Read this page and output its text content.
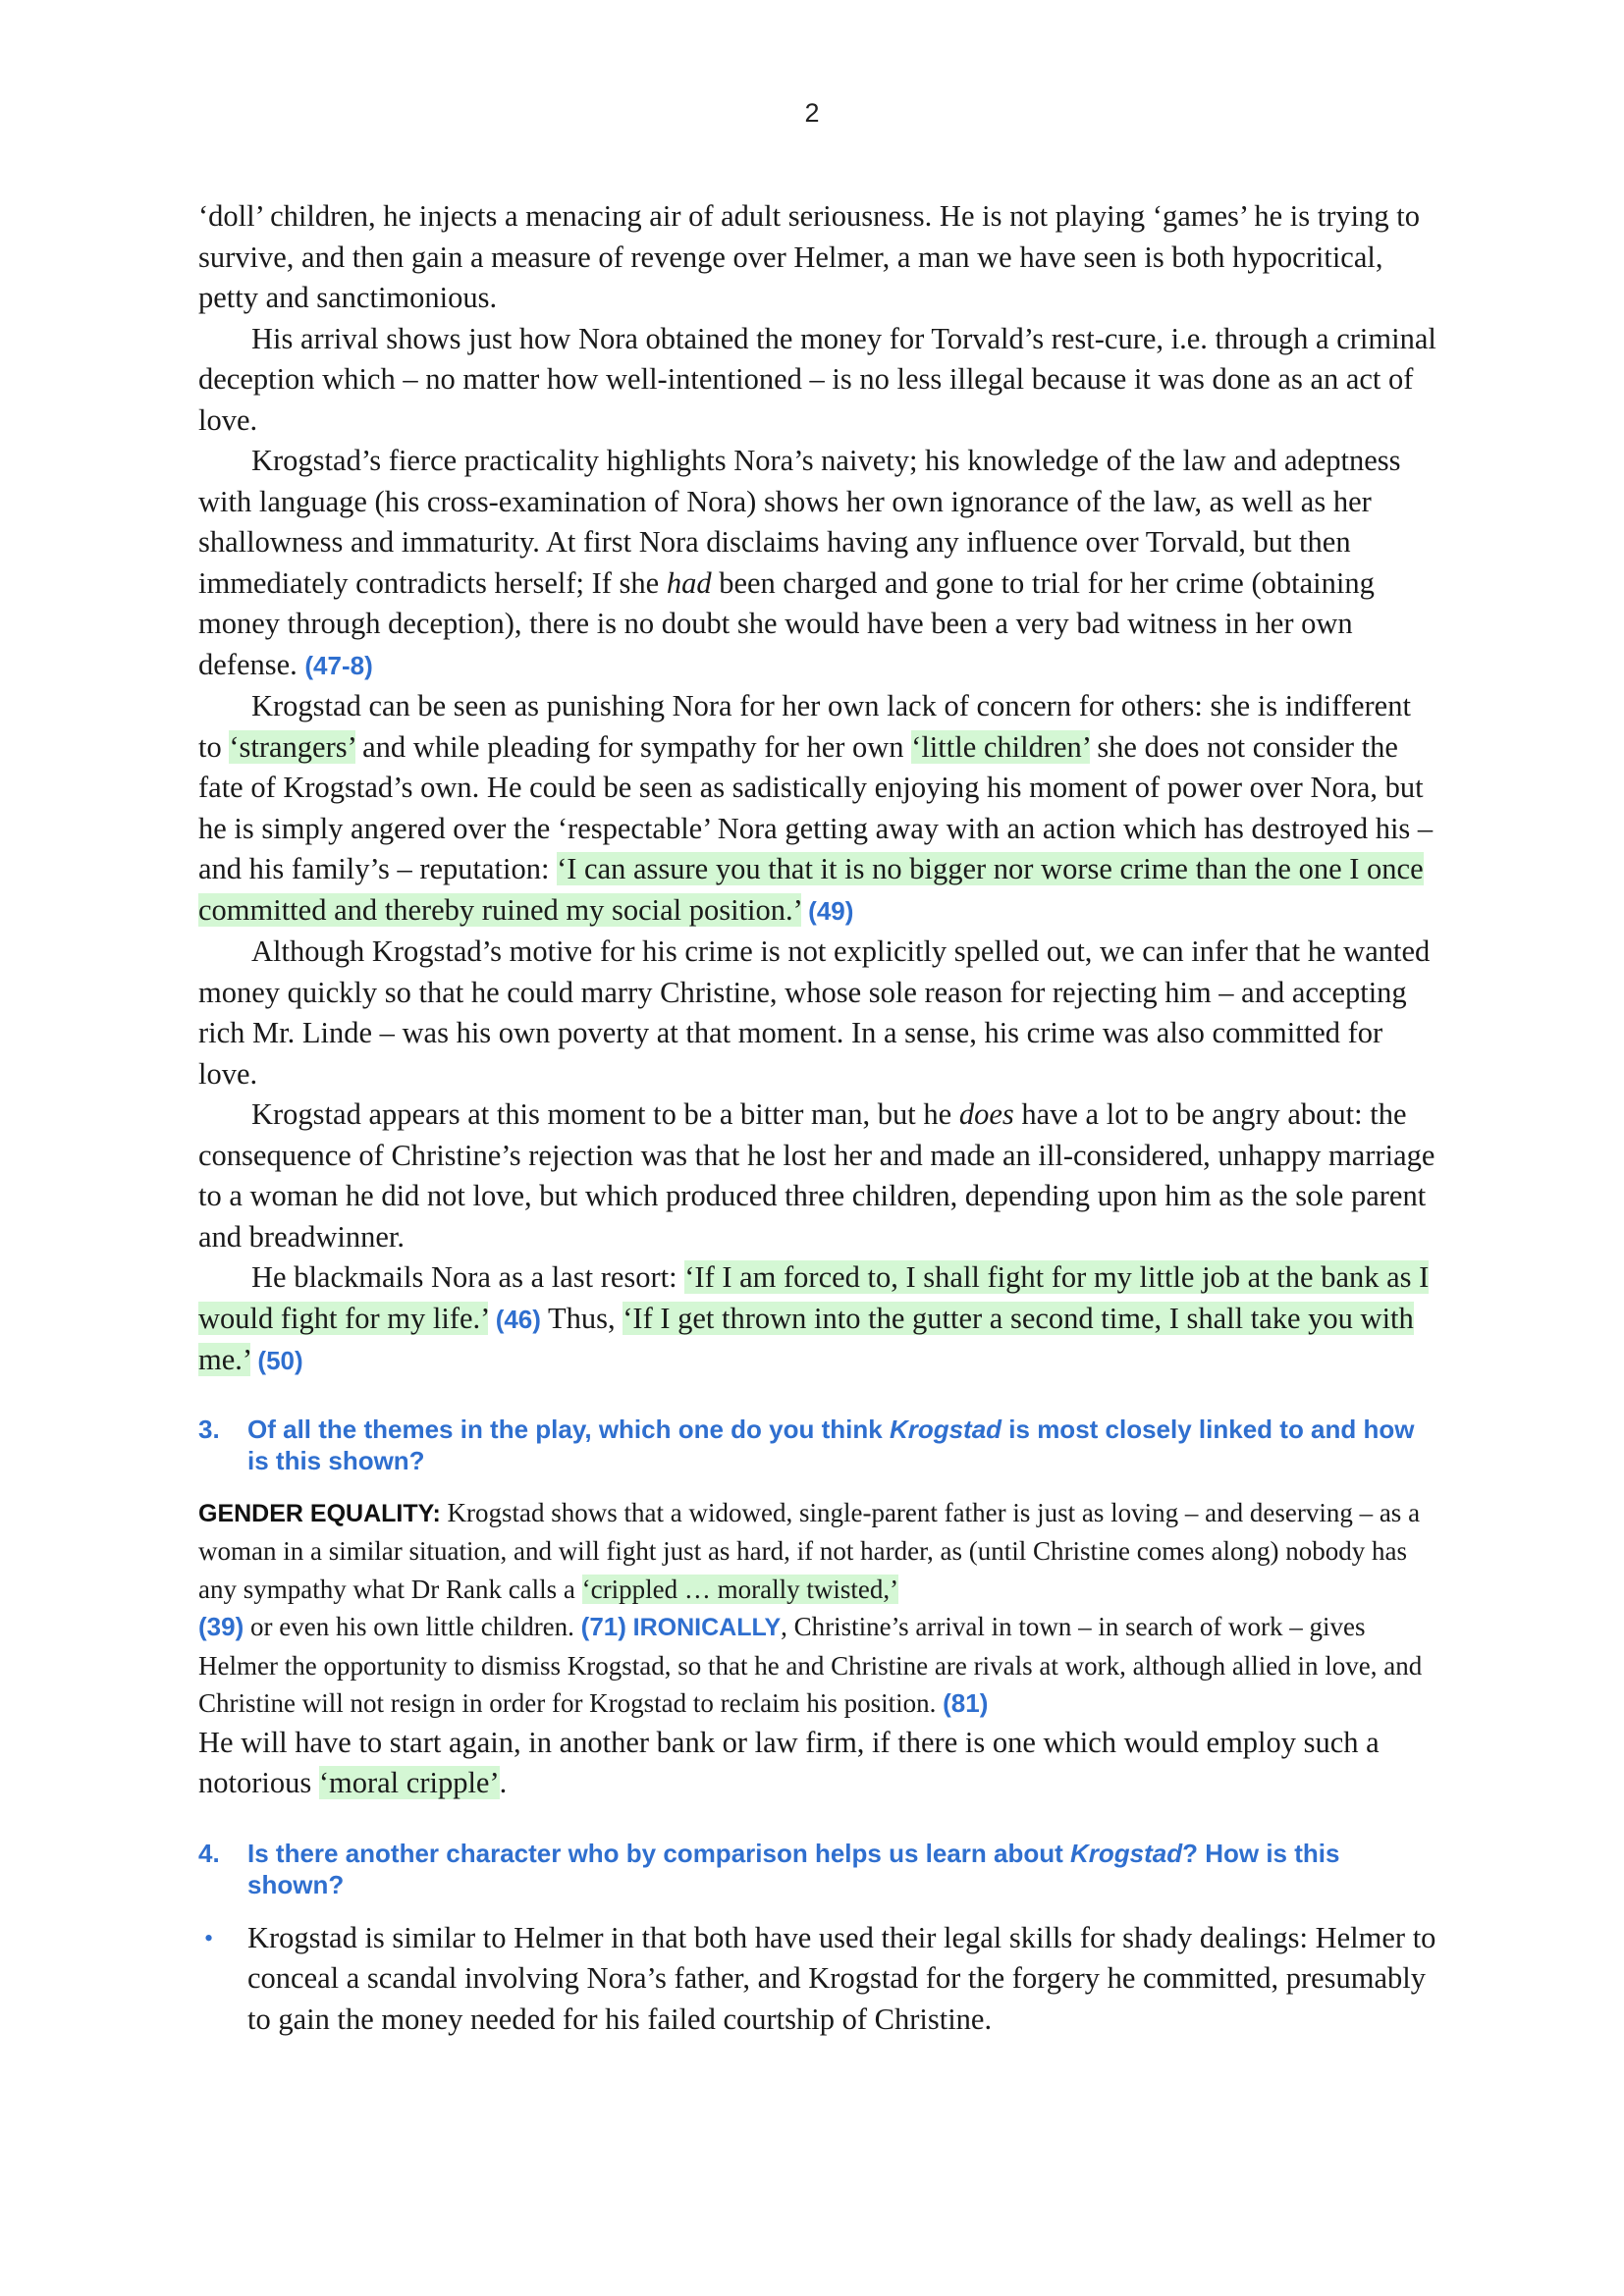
2

‘doll’ children, he injects a menacing air of adult seriousness. He is not playing ‘games’ he is trying to survive, and then gain a measure of revenge over Helmer, a man we have seen is both hypocritical, petty and sanctimonious.

His arrival shows just how Nora obtained the money for Torvald’s rest-cure, i.e. through a criminal deception which – no matter how well-intentioned – is no less illegal because it was done as an act of love.

Krogstad’s fierce practicality highlights Nora’s naivety; his knowledge of the law and adeptness with language (his cross-examination of Nora) shows her own ignorance of the law, as well as her shallowness and immaturity. At first Nora disclaims having any influence over Torvald, but then immediately contradicts herself; If she had been charged and gone to trial for her crime (obtaining money through deception), there is no doubt she would have been a very bad witness in her own defense. (47-8)

Krogstad can be seen as punishing Nora for her own lack of concern for others: she is indifferent to ‘strangers’ and while pleading for sympathy for her own ‘little children’ she does not consider the fate of Krogstad’s own. He could be seen as sadistically enjoying his moment of power over Nora, but he is simply angered over the ‘respectable’ Nora getting away with an action which has destroyed his – and his family’s – reputation: ‘I can assure you that it is no bigger nor worse crime than the one I once committed and thereby ruined my social position.’ (49)

Although Krogstad’s motive for his crime is not explicitly spelled out, we can infer that he wanted money quickly so that he could marry Christine, whose sole reason for rejecting him – and accepting rich Mr. Linde – was his own poverty at that moment. In a sense, his crime was also committed for love.

Krogstad appears at this moment to be a bitter man, but he does have a lot to be angry about: the consequence of Christine’s rejection was that he lost her and made an ill-considered, unhappy marriage to a woman he did not love, but which produced three children, depending upon him as the sole parent and breadwinner.

He blackmails Nora as a last resort: ‘If I am forced to, I shall fight for my little job at the bank as I would fight for my life.’ (46) Thus, ‘If I get thrown into the gutter a second time, I shall take you with me.’ (50)

3. Of all the themes in the play, which one do you think Krogstad is most closely linked to and how is this shown?

GENDER EQUALITY: Krogstad shows that a widowed, single-parent father is just as loving – and deserving – as a woman in a similar situation, and will fight just as hard, if not harder, as (until Christine comes along) nobody has any sympathy what Dr Rank calls a ‘crippled … morally twisted,’
(39) or even his own little children. (71) IRONICALLY, Christine’s arrival in town – in search of work – gives Helmer the opportunity to dismiss Krogstad, so that he and Christine are rivals at work, although allied in love, and Christine will not resign in order for Krogstad to reclaim his position. (81)
He will have to start again, in another bank or law firm, if there is one which would employ such a notorious ‘moral cripple’.

4. Is there another character who by comparison helps us learn about Krogstad? How is this shown?

• Krogstad is similar to Helmer in that both have used their legal skills for shady dealings: Helmer to conceal a scandal involving Nora’s father, and Krogstad for the forgery he committed, presumably to gain the money needed for his failed courtship of Christine.
